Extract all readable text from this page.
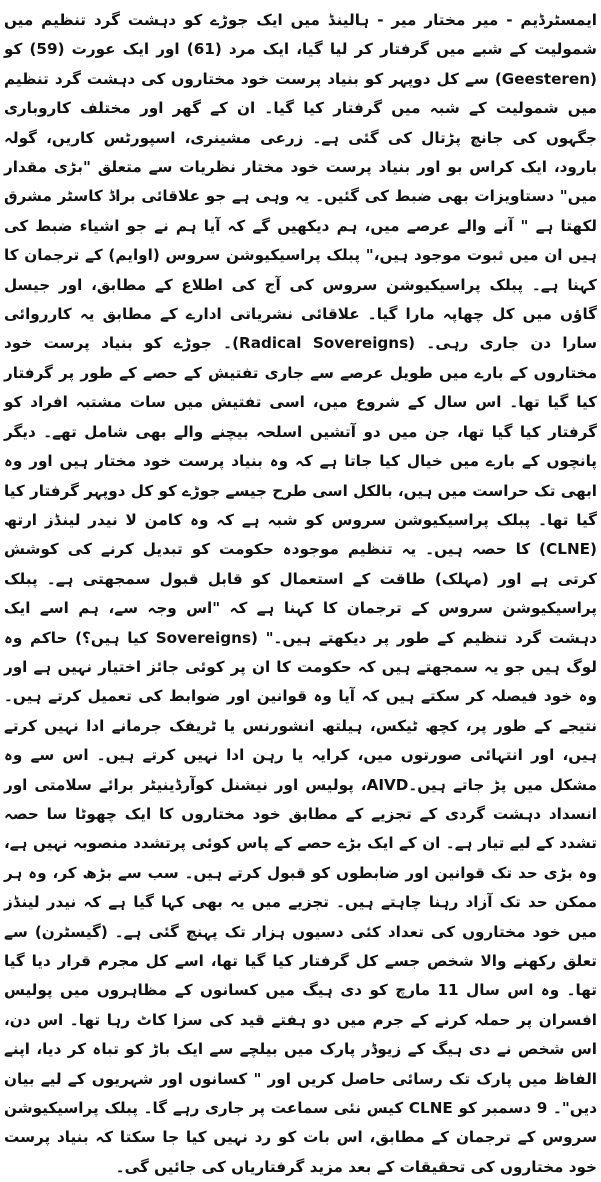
ایمسٹرڈیم - میر مختار میر - ہالینڈ میں ایک جوڑے کو دہشت گرد تنظیم میں شمولیت کے شبے میں گرفتار کر لیا گیا، ایک مرد (61) اور ایک عورت (59) کو (Geesteren) سے کل دوپہر کو بنیاد پرست خود مختاروں کی دہشت گرد تنظیم میں شمولیت کے شبہ میں گرفتار کیا گیا۔ ان کے گھر اور مختلف کاروباری جگہوں کی جانچ پڑتال کی گئی ہے۔ زرعی مشینری، اسپورٹس کاریں، گولہ بارود، ایک کراس بو اور بنیاد پرست خود مختار نظریات سے متعلق "بڑی مقدار میں" دستاویزات بھی ضبط کی گئیں۔ یہ وہی ہے جو علاقائی براڈ کاسٹر مشرق لکھتا ہے " آنے والے عرصے میں، ہم دیکھیں گے کہ آیا ہم نے جو اشیاء ضبط کی ہیں ان میں ثبوت موجود ہیں،" پبلک پراسیکیوشن سروس (اوایم) کے ترجمان کا کہنا ہے۔ پبلک پراسیکیوشن سروس کی آج کی اطلاع کے مطابق، اور جیسل گاؤں میں کل چھاپہ مارا گیا۔ علاقائی نشریاتی ادارے کے مطابق یہ کارروائی سارا دن جاری رہی۔ (Radical Sovereigns)۔ جوڑے کو بنیاد پرست خود مختاروں کے بارے میں طویل عرصے سے جاری تفتیش کے حصے کے طور پر گرفتار کیا گیا تھا۔ اس سال کے شروع میں، اسی تفتیش میں سات مشتبہ افراد کو گرفتار کیا گیا تھا، جن میں دو آتشیں اسلحہ بیچنے والے بھی شامل تھے۔ دیگر پانچوں کے بارے میں خیال کیا جاتا ہے کہ وہ بنیاد پرست خود مختار ہیں اور وہ ابھی تک حراست میں ہیں، بالکل اسی طرح جیسے جوڑے کو کل دوپہر گرفتار کیا گیا تھا۔ پبلک پراسیکیوشن سروس کو شبہ ہے کہ وہ کامن لا نیدر لینڈز ارتھ (CLNE) کا حصہ ہیں۔ یہ تنظیم موجودہ حکومت کو تبدیل کرنے کی کوشش کرتی ہے اور (مہلک) طاقت کے استعمال کو قابل قبول سمجھتی ہے۔ پبلک پراسیکیوشن سروس کے ترجمان کا کہنا ہے کہ "اس وجہ سے، ہم اسے ایک دہشت گرد تنظیم کے طور پر دیکھتے ہیں۔" (Sovereigns کیا ہیں؟) حاکم وہ لوگ ہیں جو یہ سمجھتے ہیں کہ حکومت کا ان پر کوئی جائز اختیار نہیں ہے اور وہ خود فیصلہ کر سکتے ہیں کہ آیا وہ قوانین اور ضوابط کی تعمیل کرتے ہیں۔ نتیجے کے طور پر، کچھ ٹیکس، ہیلتھ انشورنس یا ٹریفک جرمانے ادا نہیں کرتے ہیں، اور انتہائی صورتوں میں، کرایہ یا رہن ادا نہیں کرتے ہیں۔ اس سے وہ مشکل میں پڑ جاتے ہیں۔AIVD، پولیس اور نیشنل کوآرڈینیٹر برائے سلامتی اور انسداد دہشت گردی کے تجزیے کے مطابق خود مختاروں کا ایک چھوٹا سا حصہ تشدد کے لیے تیار ہے۔ ان کے ایک بڑے حصے کے پاس کوئی پرتشدد منصوبہ نہیں ہے، وہ بڑی حد تک قوانین اور ضابطوں کو قبول کرتے ہیں۔ سب سے بڑھ کر، وہ ہر ممکن حد تک آزاد رہنا چاہتے ہیں۔ تجزیے میں یہ بھی کہا گیا ہے کہ نیدر لینڈز میں خود مختاروں کی تعداد کئی دسیوں ہزار تک پہنچ گئی ہے۔ (گیسٹرن) سے تعلق رکھنے والا شخص جسے کل گرفتار کیا گیا تھا، اسے کل مجرم قرار دیا گیا تھا۔ وہ اس سال 11 مارچ کو دی ہیگ میں کسانوں کے مظاہروں میں پولیس افسران پر حملہ کرنے کے جرم میں دو ہفتے قید کی سزا کاٹ رہا تھا۔ اس دن، اس شخص نے دی ہیگ کے زیوڈر پارک میں بیلچے سے ایک باڑ کو تباہ کر دیا، اپنے الفاظ میں پارک تک رسائی حاصل کریں اور " کسانوں اور شہریوں کے لیے بیان دیں"۔ 9 دسمبر کو CLNE کیس نئی سماعت پر جاری رہے گا۔ پبلک پراسیکیوشن سروس کے ترجمان کے مطابق، اس بات کو رد نہیں کیا جا سکتا کہ بنیاد پرست خود مختاروں کی تحقیقات کے بعد مزید گرفتاریاں کی جائیں گی۔
